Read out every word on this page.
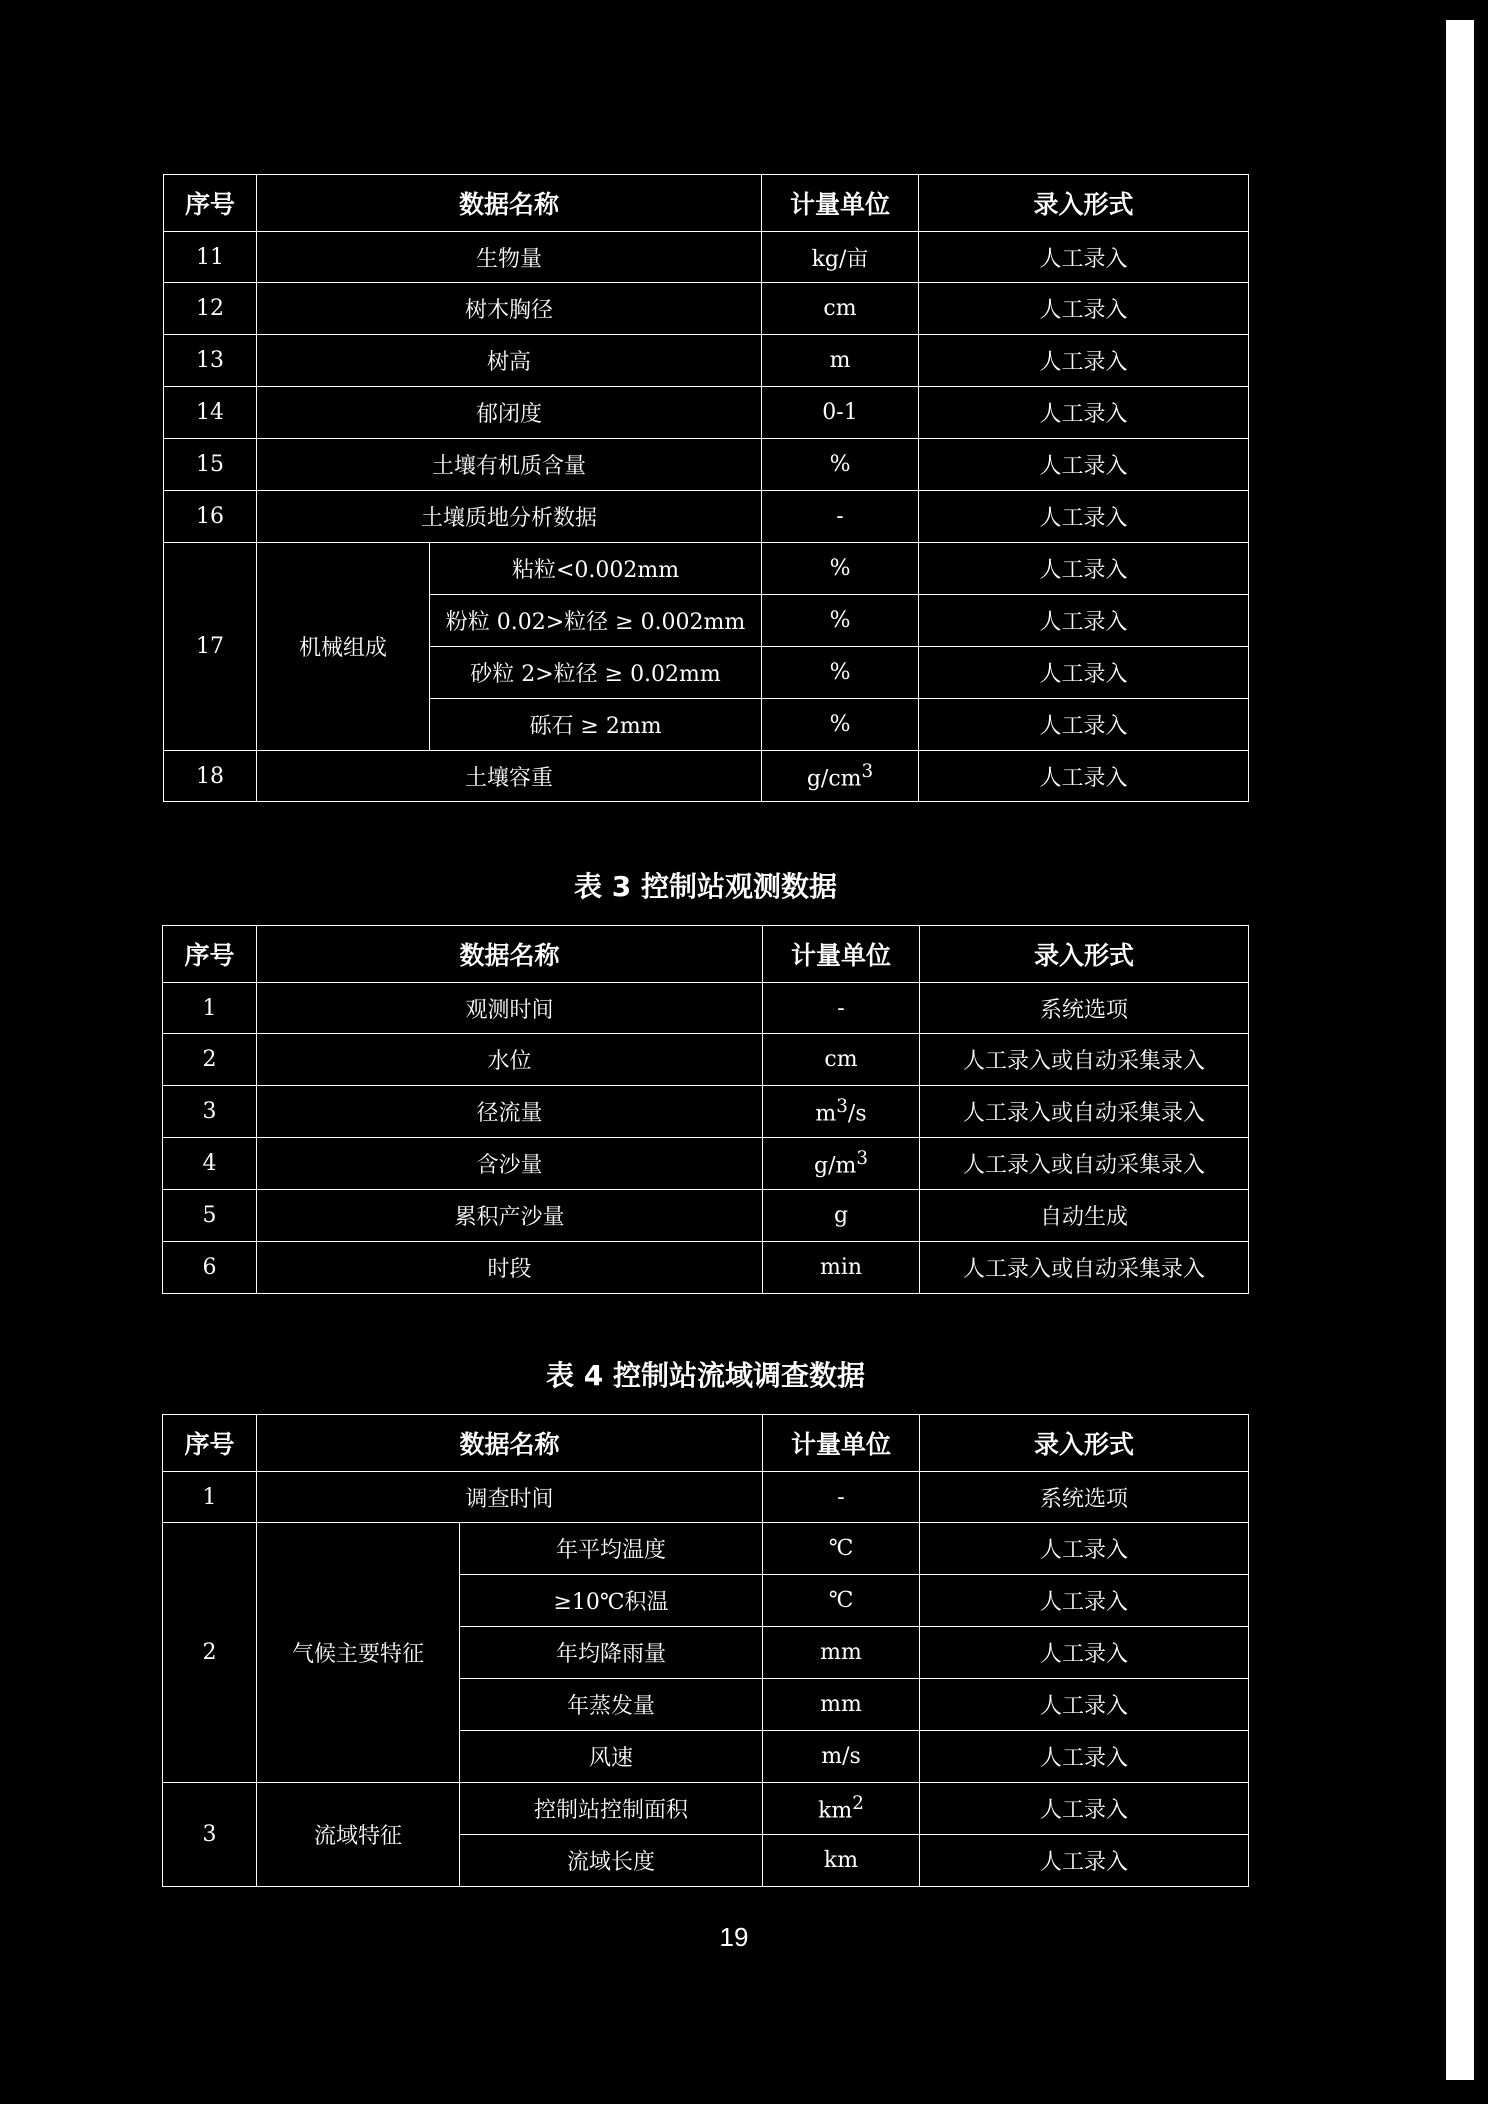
序号	数据名称		计量单位	录入形式
11	生物量		kg/亩	人工录入
12	树木胸径		cm	人工录入
13	树高		m	人工录入
14	郁闭度		0-1	人工录入
15	土壤有机质含量		%	人工录入
16	土壤质地分析数据		-	人工录入
17	机械组成	粘粒<0.002mm	%	人工录入
		粉粒 0.02>粒径 ≥ 0.002mm	%	人工录入
		砂粒 2>粒径 ≥ 0.02mm	%	人工录入
		砾石 ≥ 2mm	%	人工录入
18	土壤容重		$g/cm^3$	人工录入
表 3 控制站观测数据
序号	数据名称	计量单位	录入形式
1	观测时间	-	系统选项
2	水位	cm	人工录入或自动采集录入
3	径流量	$m^3/s$	人工录入或自动采集录入
4	含沙量	$g/m^3$	人工录入或自动采集录入
5	累积产沙量	g	自动生成
6	时段	min	人工录入或自动采集录入
表 4 控制站流域调查数据
序号	数据名称		计量单位	录入形式
1	调查时间		-	系统选项
2	气候主要特征	年平均温度	℃	人工录入
		≥10℃积温	℃	人工录入
		年均降雨量	mm	人工录入
		年蒸发量	mm	人工录入
		风速	m/s	人工录入
3	流域特征	控制站控制面积	$km^2$	人工录入
		流域长度	km	人工录入
19
